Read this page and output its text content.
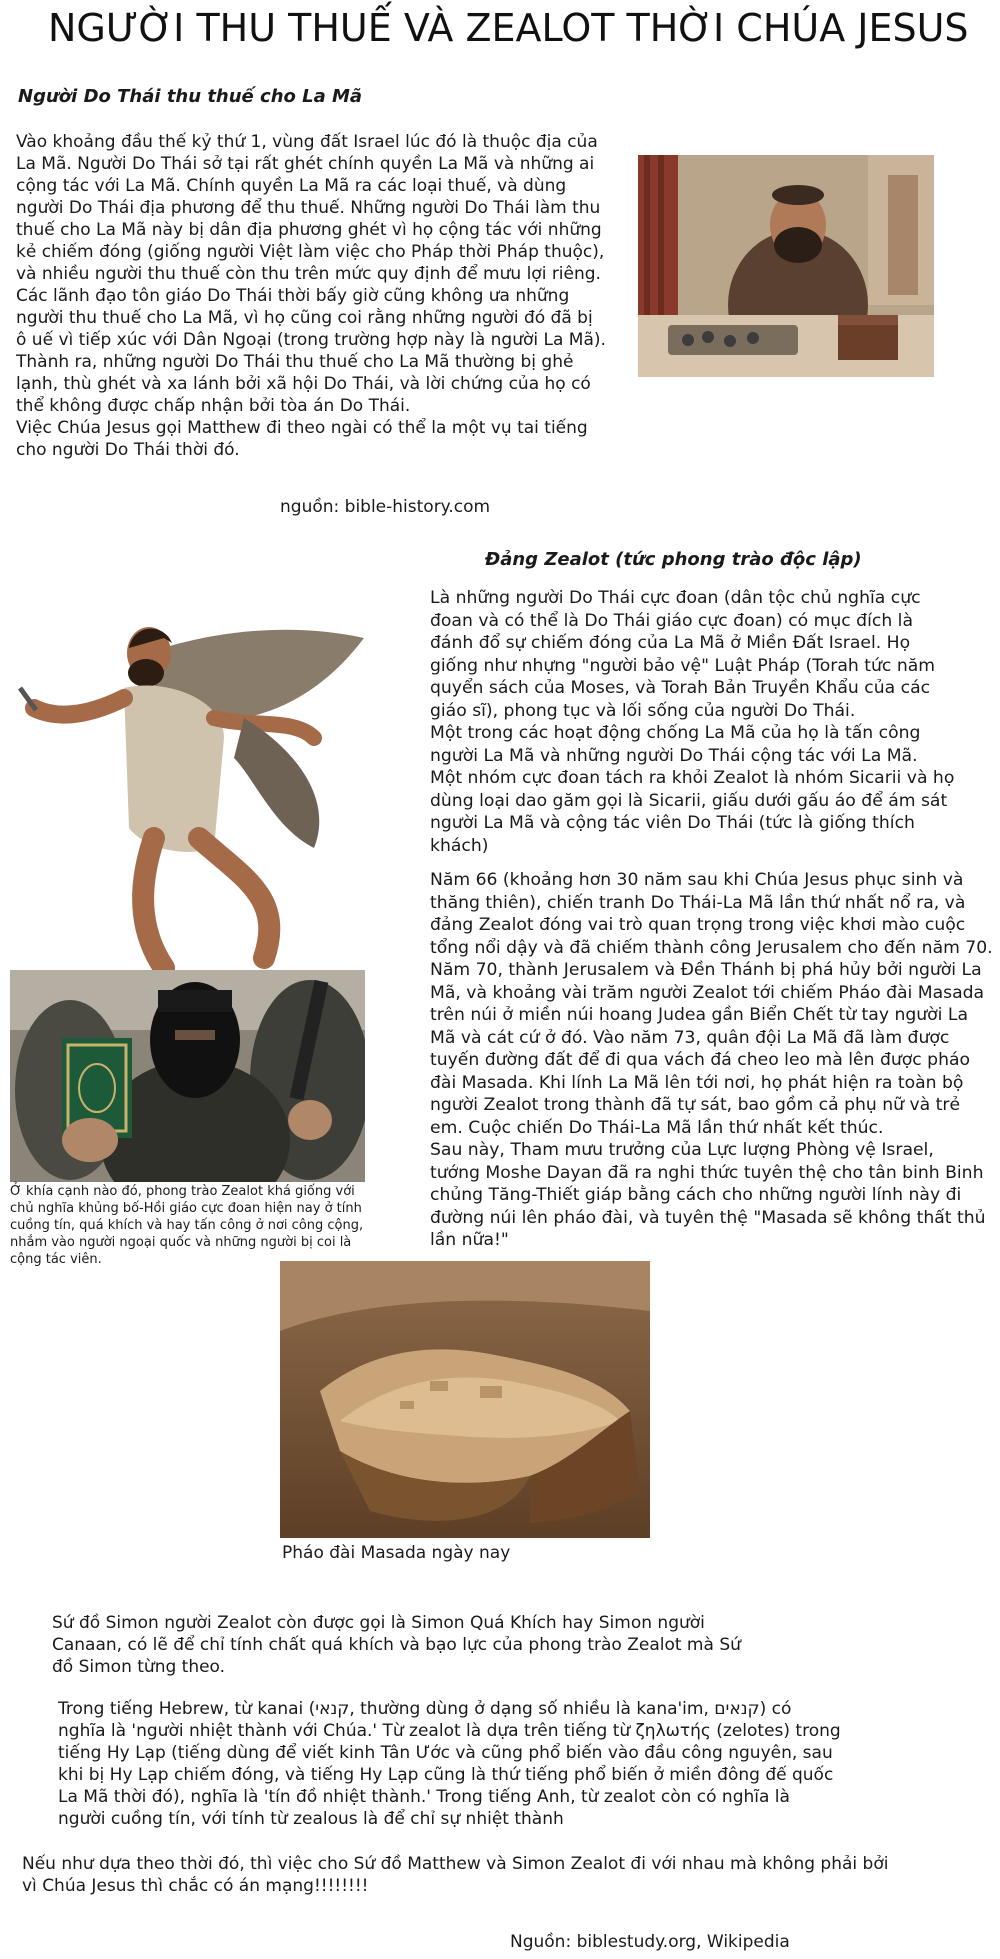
NGƯỜI THU THUẾ VÀ ZEALOT THỜI CHÚA JESUS
Người Do Thái thu thuế cho La Mã
Vào khoảng đầu thế kỷ thứ 1, vùng đất Israel lúc đó là thuộc địa của
La Mã. Người Do Thái sở tại rất ghét chính quyền La Mã và những ai
cộng tác với La Mã. Chính quyền La Mã ra các loại thuế, và dùng
người Do Thái địa phương để thu thuế. Những người Do Thái làm thu
thuế cho La Mã này bị dân địa phương ghét vì họ cộng tác với những
kẻ chiếm đóng (giống người Việt làm việc cho Pháp thời Pháp thuộc),
và nhiều người thu thuế còn thu trên mức quy định để mưu lợi riêng.
Các lãnh đạo tôn giáo Do Thái thời bấy giờ cũng không ưa những
người thu thuế cho La Mã, vì họ cũng coi rằng những người đó đã bị
ô uế vì tiếp xúc với Dân Ngoại (trong trường hợp này là người La Mã).
Thành ra, những người Do Thái thu thuế cho La Mã thường bị ghẻ
lạnh, thù ghét và xa lánh bởi xã hội Do Thái, và lời chứng của họ có
thể không được chấp nhận bởi tòa án Do Thái.
Việc Chúa Jesus gọi Matthew đi theo ngài có thể la một vụ tai tiếng
cho người Do Thái thời đó.
nguồn: bible-history.com
Đảng Zealot (tức phong trào độc lập)
Là những người Do Thái cực đoan (dân tộc chủ nghĩa cực
đoan và có thể là Do Thái giáo cực đoan) có mục đích là
đánh đổ sự chiếm đóng của La Mã ở Miền Đất Israel. Họ
giống như nhựng "người bảo vệ" Luật Pháp (Torah tức năm
quyển sách của Moses, và Torah Bản Truyền Khẩu của các
giáo sĩ), phong tục và lối sống của người Do Thái.
Một trong các hoạt động chống La Mã của họ là tấn công
người La Mã và những người Do Thái cộng tác với La Mã.
Một nhóm cực đoan tách ra khỏi Zealot là nhóm Sicarii và họ
dùng loại dao găm gọi là Sicarii, giấu dưới gấu áo để ám sát
người La Mã và cộng tác viên Do Thái (tức là giống thích
khách)
Năm 66 (khoảng hơn 30 năm sau khi Chúa Jesus phục sinh và
thăng thiên), chiến tranh Do Thái-La Mã lần thứ nhất nổ ra, và
đảng Zealot đóng vai trò quan trọng trong việc khơi mào cuộc
tổng nổi dậy và đã chiếm thành công Jerusalem cho đến năm 70.
Năm 70, thành Jerusalem và Đền Thánh bị phá hủy bởi người La
Mã, và khoảng vài trăm người Zealot tới chiếm Pháo đài Masada
trên núi ở miền núi hoang Judea gần Biển Chết từ tay người La
Mã và cát cứ ở đó. Vào năm 73, quân đội La Mã đã làm được
tuyến đường đất để đi qua vách đá cheo leo mà lên được pháo
đài Masada. Khi lính La Mã lên tới nơi, họ phát hiện ra toàn bộ
người Zealot trong thành đã tự sát, bao gồm cả phụ nữ và trẻ
em. Cuộc chiến Do Thái-La Mã lần thứ nhất kết thúc.
Sau này, Tham mưu trưởng của Lực lượng Phòng vệ Israel,
tướng Moshe Dayan đã ra nghi thức tuyên thệ cho tân binh Binh
chủng Tăng-Thiết giáp bằng cách cho những người lính này đi
đường núi lên pháo đài, và tuyên thệ "Masada sẽ không thất thủ
lần nữa!"
Ở khía cạnh nào đó, phong trào Zealot khá giống với
chủ nghĩa khủng bố-Hồi giáo cực đoan hiện nay ở tính
cuồng tín, quá khích và hay tấn công ở nơi công cộng,
nhắm vào người ngoại quốc và những người bị coi là
cộng tác viên.
Pháo đài Masada ngày nay
Sứ đồ Simon người Zealot còn được gọi là Simon Quá Khích hay Simon người
Canaan, có lẽ để chỉ tính chất quá khích và bạo lực của phong trào Zealot mà Sứ
đồ Simon từng theo.
Trong tiếng Hebrew, từ kanai (קנאי, thường dùng ở dạng số nhiều là kana'im, קנאים) có
nghĩa là 'người nhiệt thành với Chúa.' Từ zealot là dựa trên tiếng từ ζηλωτής (zelotes) trong
tiếng Hy Lạp (tiếng dùng để viết kinh Tân Ước và cũng phổ biến vào đầu công nguyên, sau
khi bị Hy Lạp chiếm đóng, và tiếng Hy Lạp cũng là thứ tiếng phổ biến ở miền đông đế quốc
La Mã thời đó), nghĩa là 'tín đồ nhiệt thành.' Trong tiếng Anh, từ zealot còn có nghĩa là
người cuồng tín, với tính từ zealous là để chỉ sự nhiệt thành
Nếu như dựa theo thời đó, thì việc cho Sứ đồ Matthew và Simon Zealot đi với nhau mà không phải bởi
vì Chúa Jesus thì chắc có án mạng!!!!!!!!
Nguồn: biblestudy.org, Wikipedia
